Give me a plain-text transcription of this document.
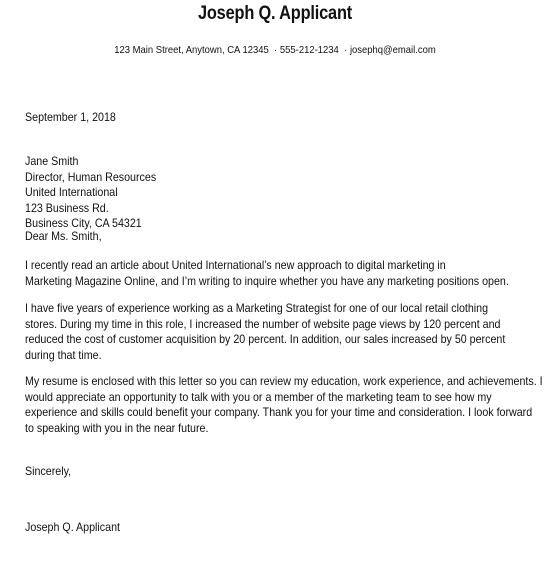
Joseph Q. Applicant
123 Main Street, Anytown, CA 12345 · 555-212-1234 · josephq@email.com
September 1, 2018
Jane Smith
Director, Human Resources
United International
123 Business Rd.
Business City, CA 54321
Dear Ms. Smith,
I recently read an article about United International’s new approach to digital marketing in
Marketing Magazine Online, and I’m writing to inquire whether you have any marketing positions open.
I have five years of experience working as a Marketing Strategist for one of our local retail clothing
stores. During my time in this role, I increased the number of website page views by 120 percent and
reduced the cost of customer acquisition by 20 percent. In addition, our sales increased by 50 percent
during that time.
My resume is enclosed with this letter so you can review my education, work experience, and achievements. I
would appreciate an opportunity to talk with you or a member of the marketing team to see how my
experience and skills could benefit your company. Thank you for your time and consideration. I look forward
to speaking with you in the near future.
Sincerely,
Joseph Q. Applicant
